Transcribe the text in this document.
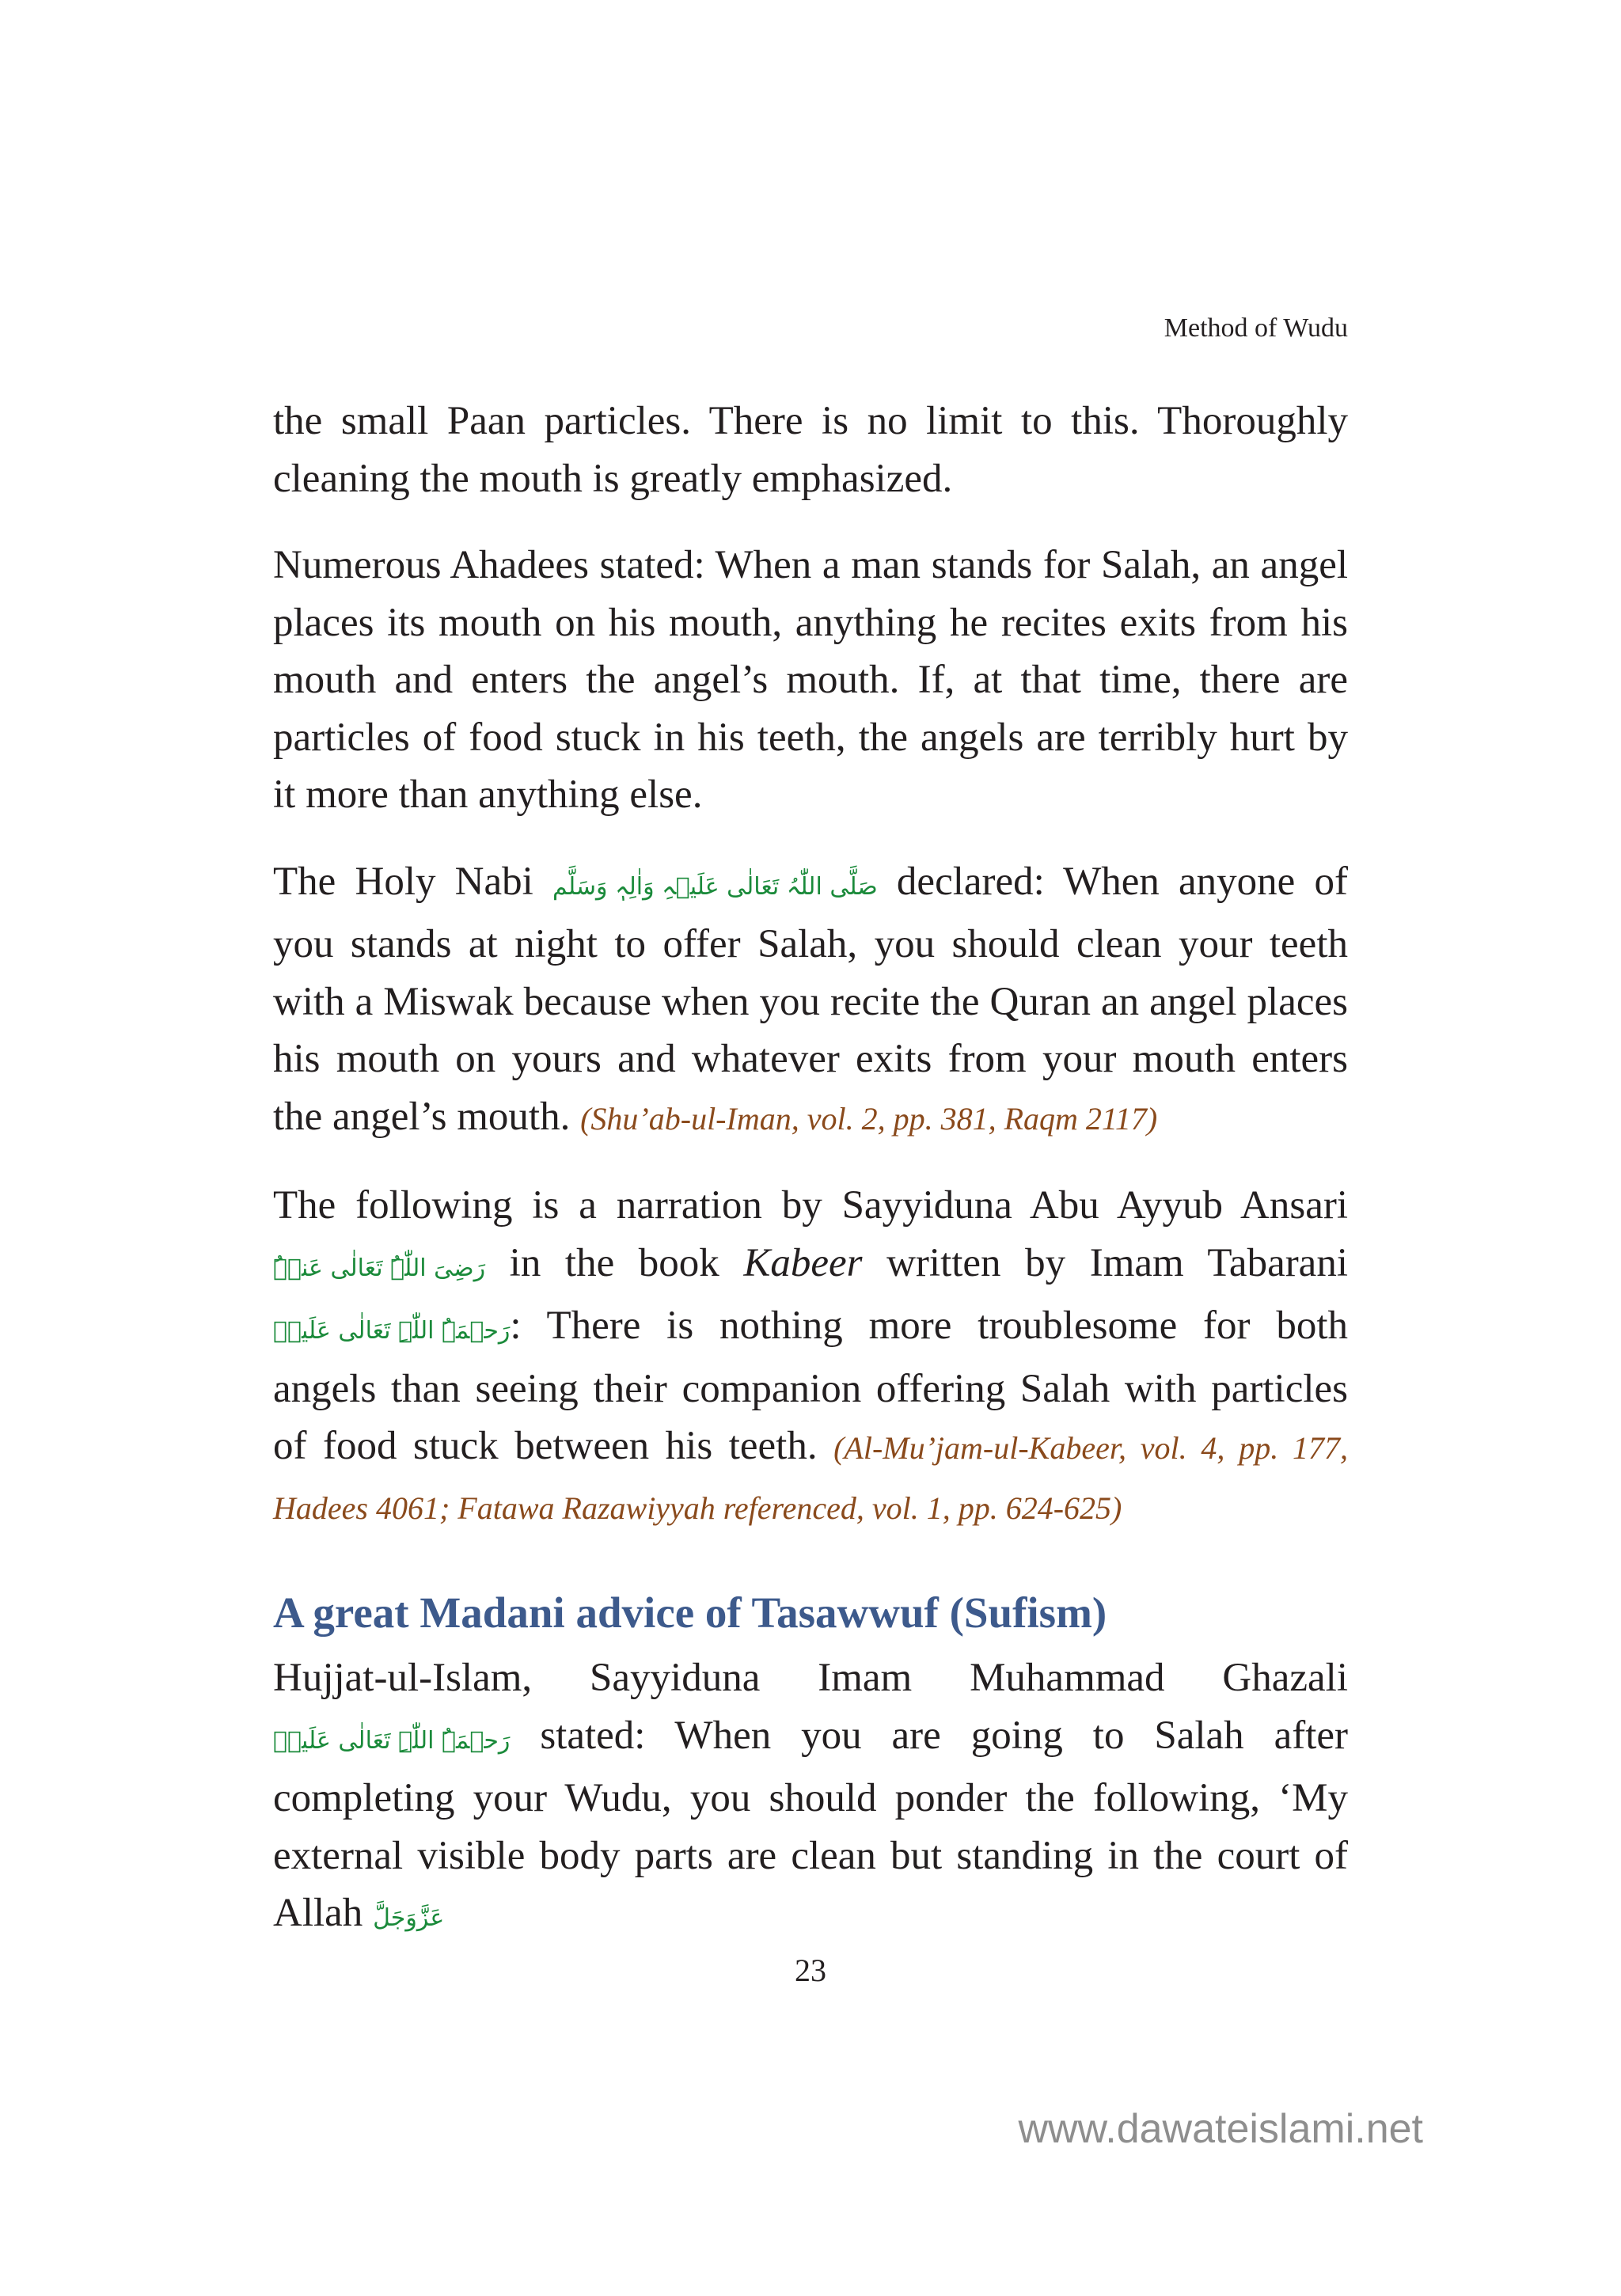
Method of Wudu

the small Paan particles. There is no limit to this. Thoroughly cleaning the mouth is greatly emphasized.

Numerous Ahadees stated: When a man stands for Salah, an angel places its mouth on his mouth, anything he recites exits from his mouth and enters the angel’s mouth. If, at that time, there are particles of food stuck in his teeth, the angels are terribly hurt by it more than anything else.

The Holy Nabi صَلَّى اللّٰہُ تَعَالٰی عَلَیۡہِ وَاٰلِہٖ وَسَلَّم declared: When anyone of you stands at night to offer Salah, you should clean your teeth with a Miswak because when you recite the Quran an angel places his mouth on yours and whatever exits from your mouth enters the angel’s mouth. (Shu’ab-ul-Iman, vol. 2, pp. 381, Raqm 2117)

The following is a narration by Sayyiduna Abu Ayyub Ansari رَضِیَ اللّٰہُ تَعَالٰی عَنۡہُ in the book Kabeer written by Imam Tabarani رَحۡمَۃُ اللّٰہِ تَعَالٰی عَلَیۡہ: There is nothing more troublesome for both angels than seeing their companion offering Salah with particles of food stuck between his teeth. (Al-Mu’jam-ul-Kabeer, vol. 4, pp. 177, Hadees 4061; Fatawa Razawiyyah referenced, vol. 1, pp. 624-625)

A great Madani advice of Tasawwuf (Sufism)

Hujjat-ul-Islam, Sayyiduna Imam Muhammad Ghazali رَحۡمَۃُ اللّٰہِ تَعَالٰی عَلَیۡہ stated: When you are going to Salah after completing your Wudu, you should ponder the following, ‘My external visible body parts are clean but standing in the court of Allah عَزَّوَجَلَّ

23
www.dawateislami.net
